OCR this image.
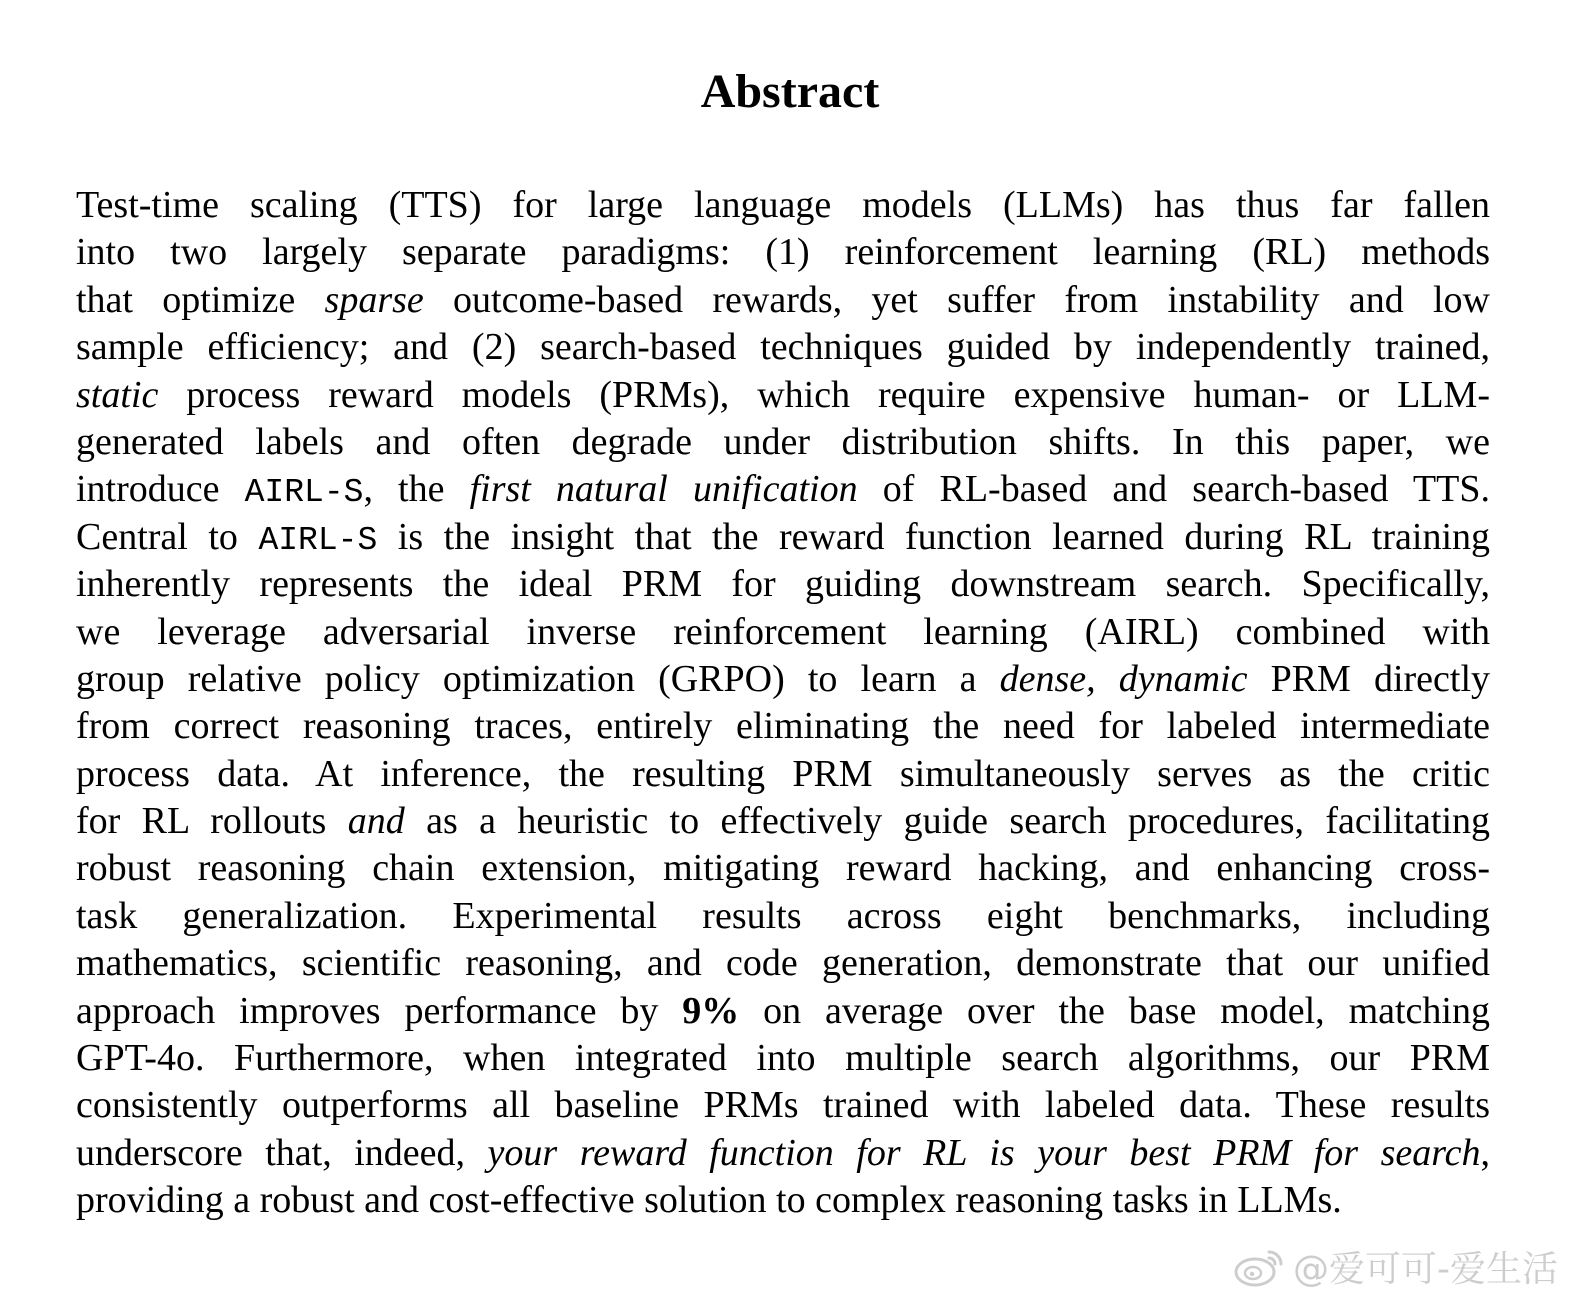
Abstract
Test-time scaling (TTS) for large language models (LLMs) has thus far fallen
into two largely separate paradigms: (1) reinforcement learning (RL) methods
that optimize sparse outcome-based rewards, yet suffer from instability and low
sample efficiency; and (2) search-based techniques guided by independently trained,
static process reward models (PRMs), which require expensive human- or LLM-
generated labels and often degrade under distribution shifts. In this paper, we
introduce AIRL-S, the first natural unification of RL-based and search-based TTS.
Central to AIRL-S is the insight that the reward function learned during RL training
inherently represents the ideal PRM for guiding downstream search. Specifically,
we leverage adversarial inverse reinforcement learning (AIRL) combined with
group relative policy optimization (GRPO) to learn a dense, dynamic PRM directly
from correct reasoning traces, entirely eliminating the need for labeled intermediate
process data. At inference, the resulting PRM simultaneously serves as the critic
for RL rollouts and as a heuristic to effectively guide search procedures, facilitating
robust reasoning chain extension, mitigating reward hacking, and enhancing cross-
task generalization. Experimental results across eight benchmarks, including
mathematics, scientific reasoning, and code generation, demonstrate that our unified
approach improves performance by 9% on average over the base model, matching
GPT-4o. Furthermore, when integrated into multiple search algorithms, our PRM
consistently outperforms all baseline PRMs trained with labeled data. These results
underscore that, indeed, your reward function for RL is your best PRM for search,
providing a robust and cost-effective solution to complex reasoning tasks in LLMs.
@爱可可-爱生活
